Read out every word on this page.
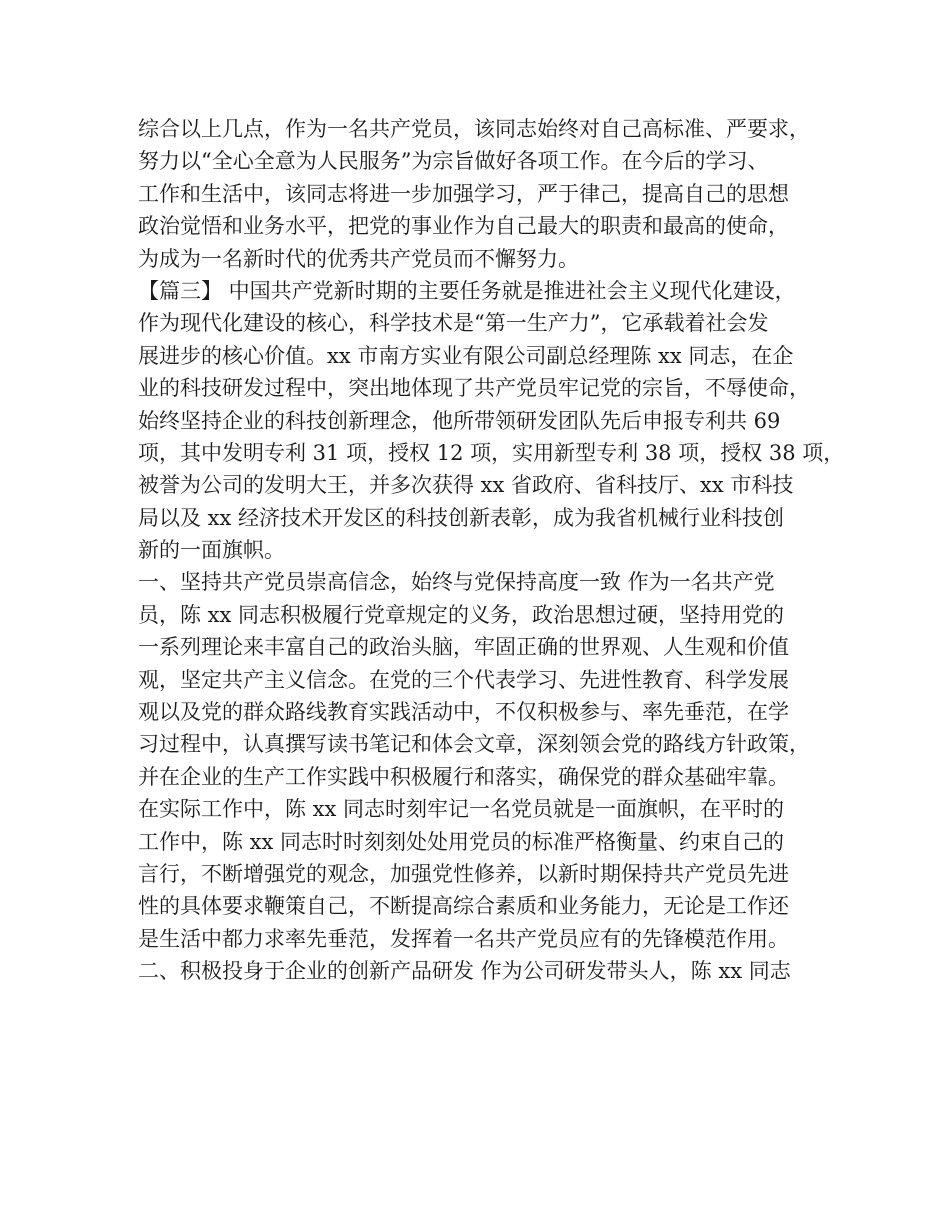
综合以上几点，作为一名共产党员，该同志始终对自己高标准、严要求，
努力以“全心全意为人民服务”为宗旨做好各项工作。在今后的学习、
工作和生活中，该同志将进一步加强学习，严于律己，提高自己的思想
政治觉悟和业务水平，把党的事业作为自己最大的职责和最高的使命，
为成为一名新时代的优秀共产党员而不懈努力。
【篇三】 中国共产党新时期的主要任务就是推进社会主义现代化建设，
作为现代化建设的核心，科学技术是“第一生产力”，它承载着社会发
展进步的核心价值。xx 市南方实业有限公司副总经理陈 xx 同志，在企
业的科技研发过程中，突出地体现了共产党员牢记党的宗旨，不辱使命，
始终坚持企业的科技创新理念，他所带领研发团队先后申报专利共 69
项，其中发明专利 31 项，授权 12 项，实用新型专利 38 项，授权 38 项，
被誉为公司的发明大王，并多次获得 xx 省政府、省科技厅、xx 市科技
局以及 xx 经济技术开发区的科技创新表彰，成为我省机械行业科技创
新的一面旗帜。
一、坚持共产党员崇高信念，始终与党保持高度一致 作为一名共产党
员，陈 xx 同志积极履行党章规定的义务，政治思想过硬，坚持用党的
一系列理论来丰富自己的政治头脑，牢固正确的世界观、人生观和价值
观，坚定共产主义信念。在党的三个代表学习、先进性教育、科学发展
观以及党的群众路线教育实践活动中，不仅积极参与、率先垂范，在学
习过程中，认真撰写读书笔记和体会文章，深刻领会党的路线方针政策，
并在企业的生产工作实践中积极履行和落实，确保党的群众基础牢靠。
在实际工作中，陈 xx 同志时刻牢记一名党员就是一面旗帜，在平时的
工作中，陈 xx 同志时时刻刻处处用党员的标准严格衡量、约束自己的
言行，不断增强党的观念，加强党性修养，以新时期保持共产党员先进
性的具体要求鞭策自己，不断提高综合素质和业务能力，无论是工作还
是生活中都力求率先垂范，发挥着一名共产党员应有的先锋模范作用。
二、积极投身于企业的创新产品研发 作为公司研发带头人，陈 xx 同志
